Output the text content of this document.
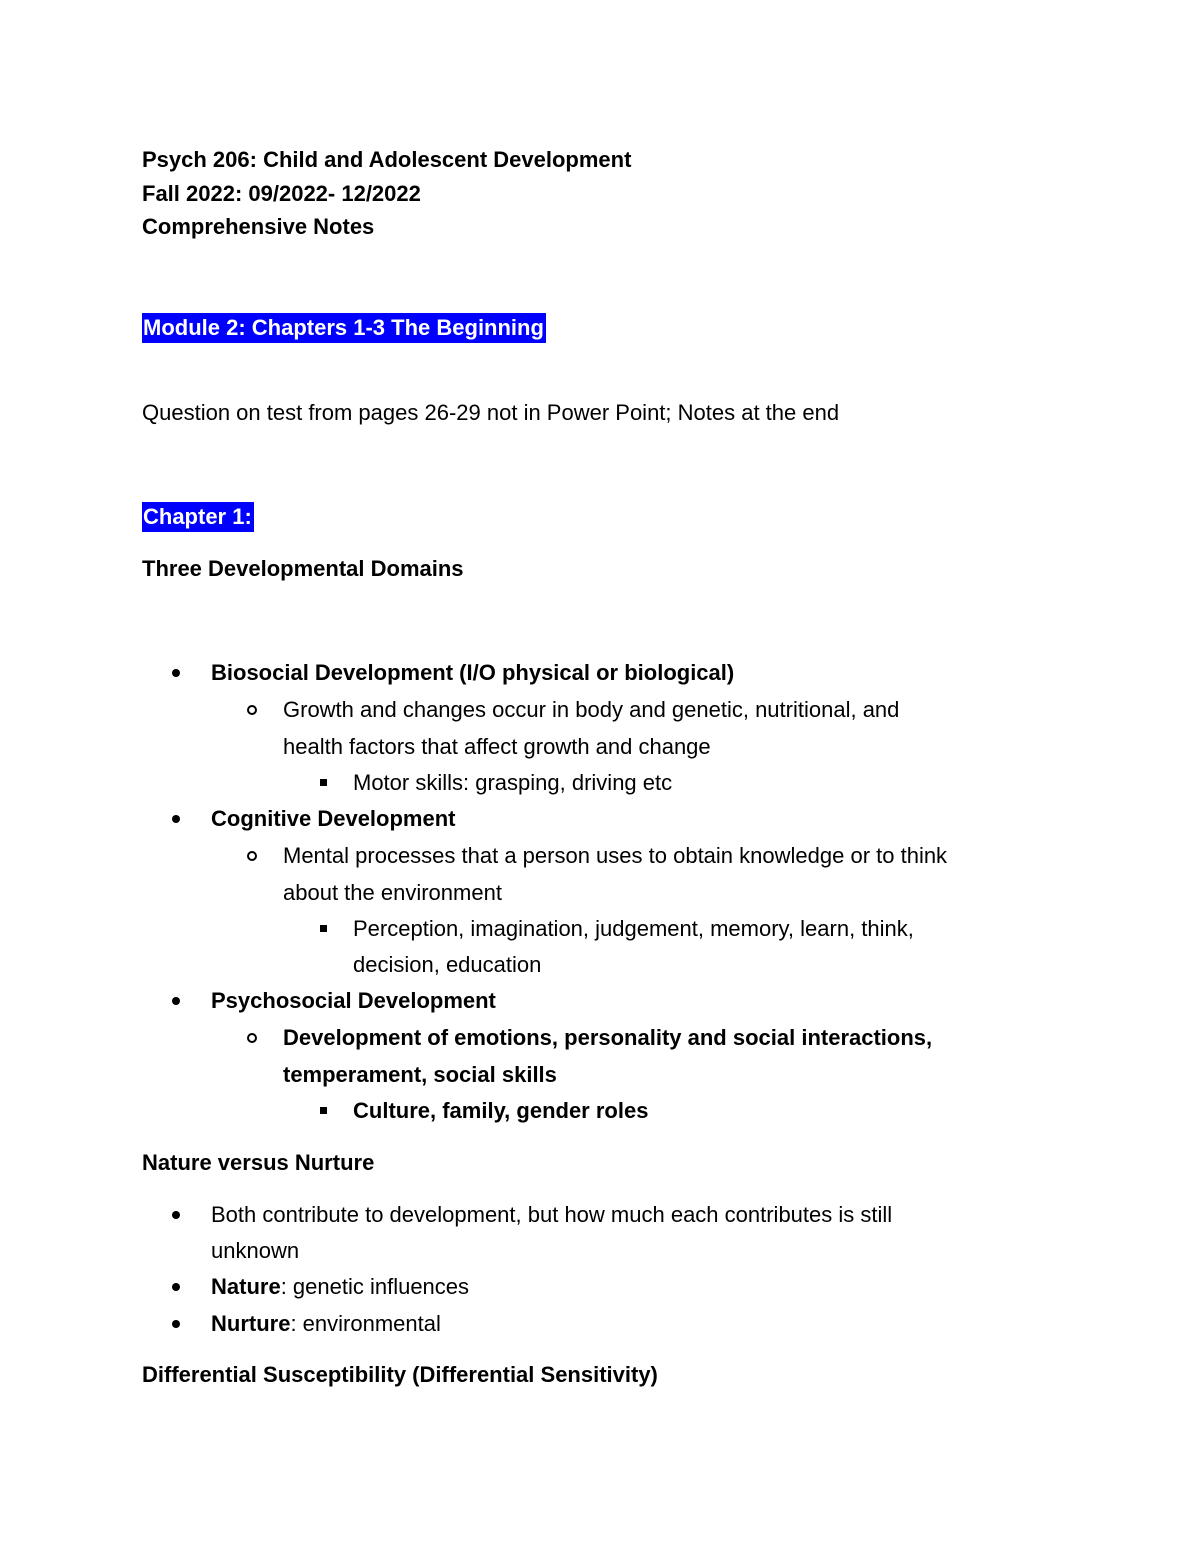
Psych 206: Child and Adolescent Development
Fall 2022: 09/2022- 12/2022
Comprehensive Notes
Module 2: Chapters 1-3 The Beginning
Question on test from pages 26-29 not in Power Point; Notes at the end
Chapter 1:
Three Developmental Domains
Biosocial Development (I/O physical or biological)
Growth and changes occur in body and genetic, nutritional, and
health factors that affect growth and change
Motor skills: grasping, driving etc
Cognitive Development
Mental processes that a person uses to obtain knowledge or to think
about the environment
Perception, imagination, judgement, memory, learn, think,
decision, education
Psychosocial Development
Development of emotions, personality and social interactions,
temperament, social skills
Culture, family, gender roles
Nature versus Nurture
Both contribute to development, but how much each contributes is still
unknown
Nature: genetic influences
Nurture: environmental
Differential Susceptibility (Differential Sensitivity)
